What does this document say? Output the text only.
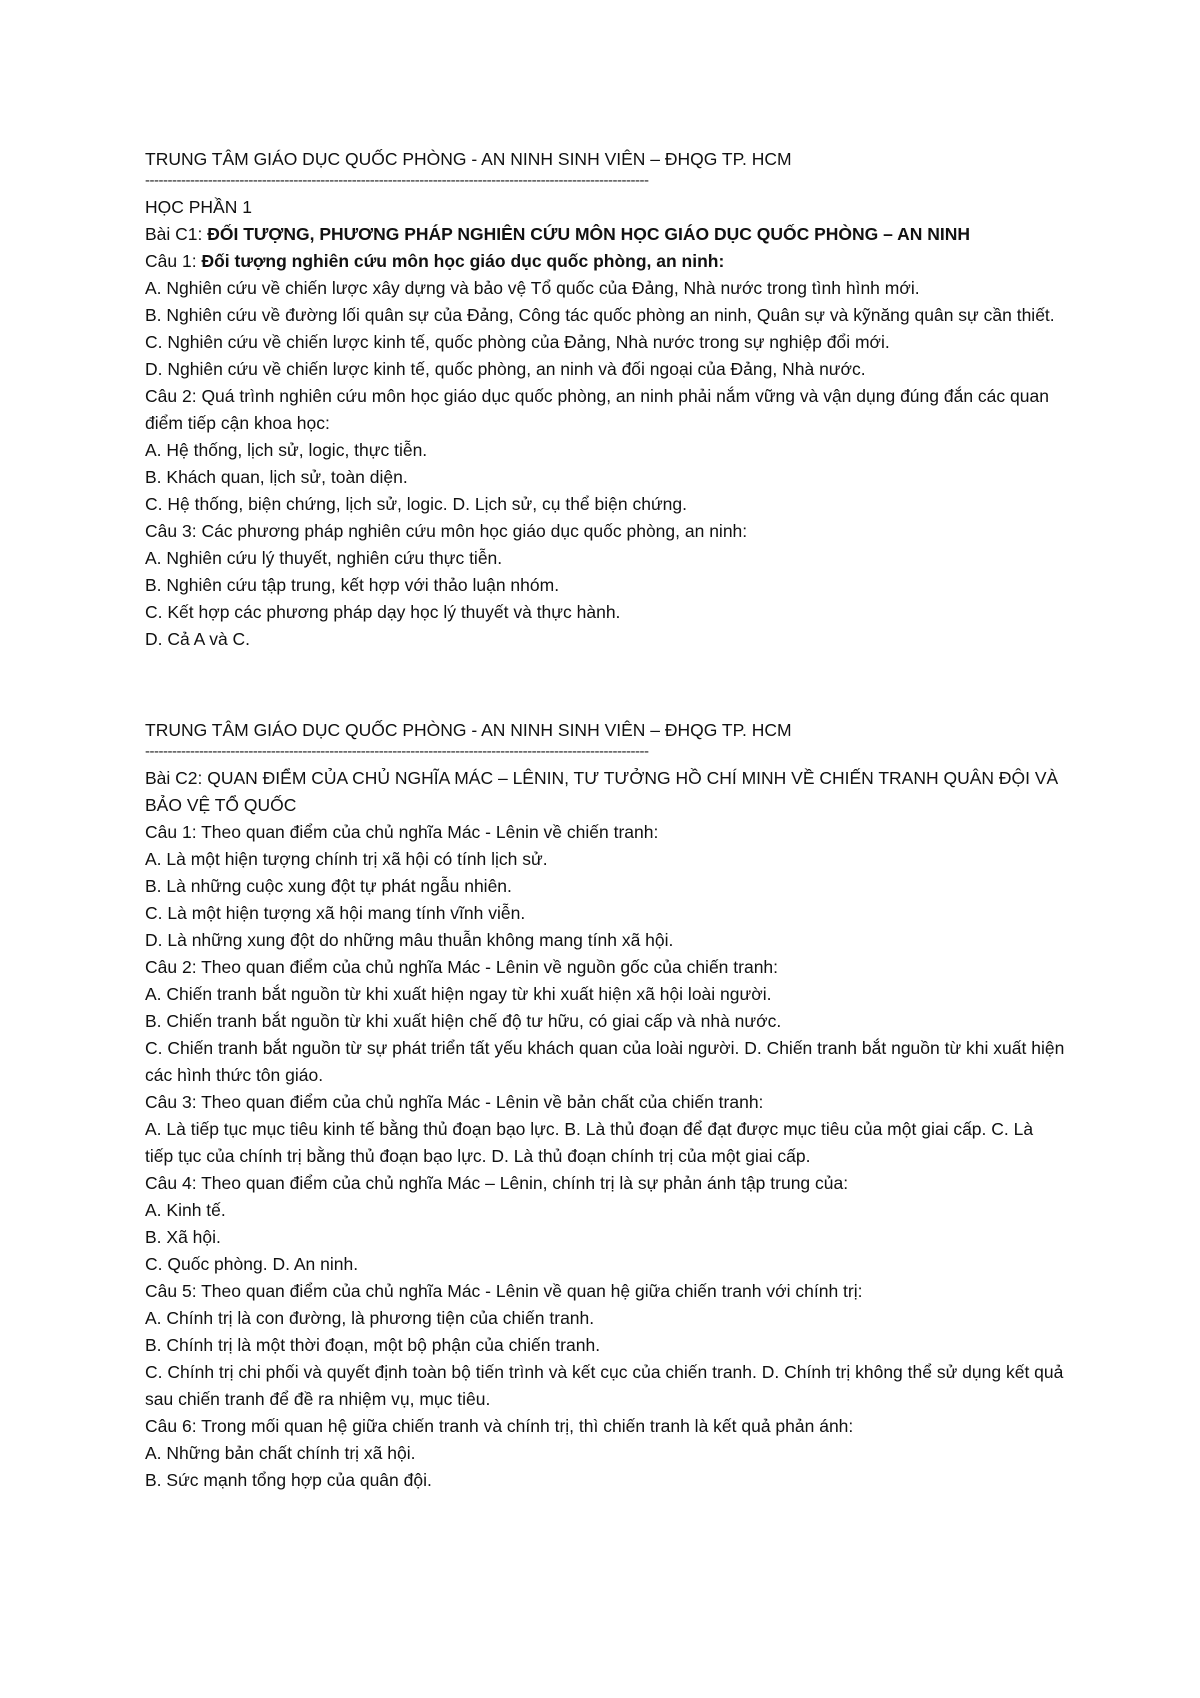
TRUNG TÂM GIÁO DỤC QUỐC PHÒNG - AN NINH SINH VIÊN – ĐHQG TP. HCM
----------------------------------------------------------------------------------------------------------------
HỌC PHẦN 1
Bài C1: ĐỐI TƯỢNG, PHƯƠNG PHÁP NGHIÊN CỨU MÔN HỌC GIÁO DỤC QUỐC PHÒNG – AN NINH
Câu 1: Đối tượng nghiên cứu môn học giáo dục quốc phòng, an ninh:
A. Nghiên cứu về chiến lược xây dựng và bảo vệ Tổ quốc của Đảng, Nhà nước trong tình hình mới.
B. Nghiên cứu về đường lối quân sự của Đảng, Công tác quốc phòng an ninh, Quân sự và kỹnăng quân sự cần thiết.
C. Nghiên cứu về chiến lược kinh tế, quốc phòng của Đảng, Nhà nước trong sự nghiệp đổi mới.
D. Nghiên cứu về chiến lược kinh tế, quốc phòng, an ninh và đối ngoại của Đảng, Nhà nước.
Câu 2: Quá trình nghiên cứu môn học giáo dục quốc phòng, an ninh phải nắm vững và vận dụng đúng đắn các quan điểm tiếp cận khoa học:
A. Hệ thống, lịch sử, logic, thực tiễn.
B. Khách quan, lịch sử, toàn diện.
C. Hệ thống, biện chứng, lịch sử, logic. D. Lịch sử, cụ thể biện chứng.
Câu 3: Các phương pháp nghiên cứu môn học giáo dục quốc phòng, an ninh:
A. Nghiên cứu lý thuyết, nghiên cứu thực tiễn.
B. Nghiên cứu tập trung, kết hợp với thảo luận nhóm.
C. Kết hợp các phương pháp dạy học lý thuyết và thực hành.
D. Cả A và C.
TRUNG TÂM GIÁO DỤC QUỐC PHÒNG - AN NINH SINH VIÊN – ĐHQG TP. HCM
----------------------------------------------------------------------------------------------------------------
Bài C2: QUAN ĐIỂM CỦA CHỦ NGHĨA MÁC – LÊNIN, TƯ TƯỞNG HỒ CHÍ MINH VỀ CHIẾN TRANH QUÂN ĐỘI VÀ BẢO VỆ TỔ QUỐC
Câu 1: Theo quan điểm của chủ nghĩa Mác - Lênin về chiến tranh:
A. Là một hiện tượng chính trị xã hội có tính lịch sử.
B. Là những cuộc xung đột tự phát ngẫu nhiên.
C. Là một hiện tượng xã hội mang tính vĩnh viễn.
D. Là những xung đột do những mâu thuẫn không mang tính xã hội.
Câu 2: Theo quan điểm của chủ nghĩa Mác - Lênin về nguồn gốc của chiến tranh:
A. Chiến tranh bắt nguồn từ khi xuất hiện ngay từ khi xuất hiện xã hội loài người.
B. Chiến tranh bắt nguồn từ khi xuất hiện chế độ tư hữu, có giai cấp và nhà nước.
C. Chiến tranh bắt nguồn từ sự phát triển tất yếu khách quan của loài người. D. Chiến tranh bắt nguồn từ khi xuất hiện các hình thức tôn giáo.
Câu 3: Theo quan điểm của chủ nghĩa Mác - Lênin về bản chất của chiến tranh:
A. Là tiếp tục mục tiêu kinh tế bằng thủ đoạn bạo lực. B. Là thủ đoạn để đạt được mục tiêu của một giai cấp. C. Là tiếp tục của chính trị bằng thủ đoạn bạo lực. D. Là thủ đoạn chính trị của một giai cấp.
Câu 4: Theo quan điểm của chủ nghĩa Mác – Lênin, chính trị là sự phản ánh tập trung của:
A. Kinh tế.
B. Xã hội.
C. Quốc phòng. D. An ninh.
Câu 5: Theo quan điểm của chủ nghĩa Mác - Lênin về quan hệ giữa chiến tranh với chính trị:
A. Chính trị là con đường, là phương tiện của chiến tranh.
B. Chính trị là một thời đoạn, một bộ phận của chiến tranh.
C. Chính trị chi phối và quyết định toàn bộ tiến trình và kết cục của chiến tranh. D. Chính trị không thể sử dụng kết quả sau chiến tranh để đề ra nhiệm vụ, mục tiêu.
Câu 6: Trong mối quan hệ giữa chiến tranh và chính trị, thì chiến tranh là kết quả phản ánh:
A. Những bản chất chính trị xã hội.
B. Sức mạnh tổng hợp của quân đội.
